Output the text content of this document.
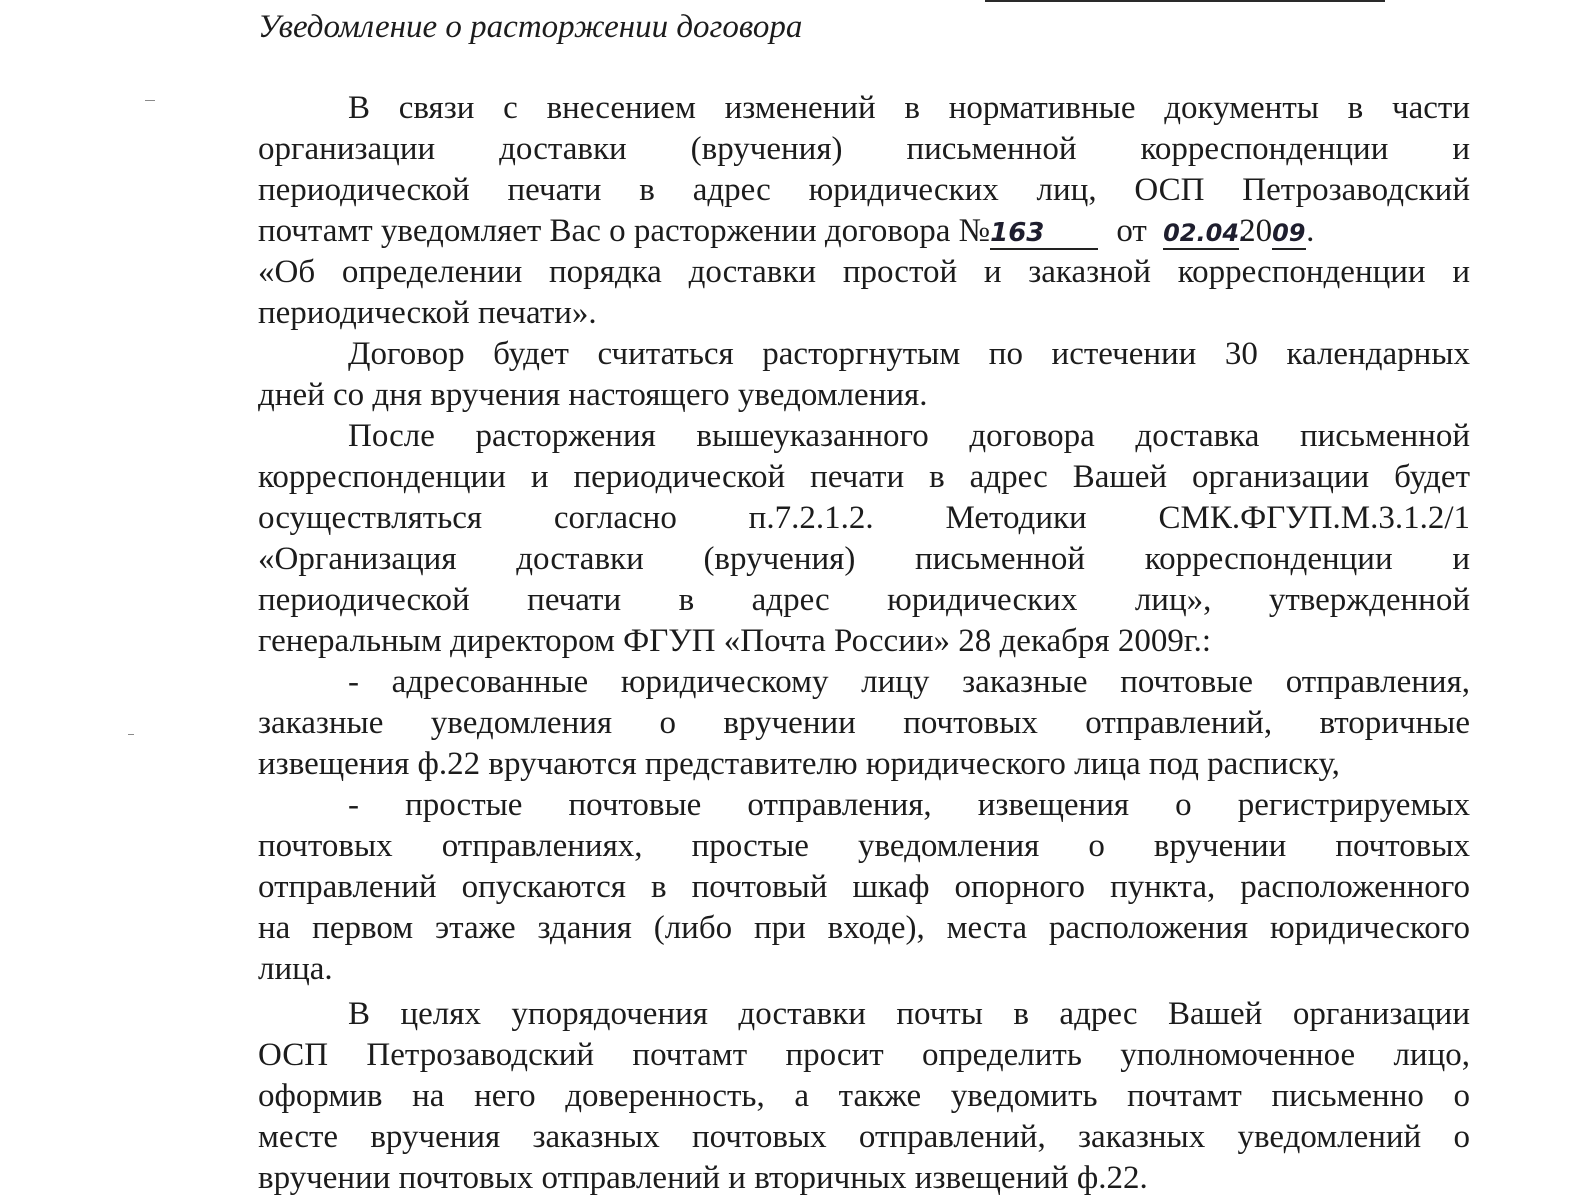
Уведомление о расторжении договора
В связи с внесением изменений в нормативные документы в части
организации доставки (вручения) письменной корреспонденции и
периодической печати в адрес юридических лиц, ОСП Петрозаводский
почтамт уведомляет Вас о расторжении договора №163 от 02.04.2009.
«Об определении порядка доставки простой и заказной корреспонденции и
периодической печати».
Договор будет считаться расторгнутым по истечении 30 календарных
дней со дня вручения настоящего уведомления.
После расторжения вышеуказанного договора доставка письменной
корреспонденции и периодической печати в адрес Вашей организации будет
осуществляться согласно п.7.2.1.2. Методики СМК.ФГУП.М.3.1.2/1
«Организация доставки (вручения) письменной корреспонденции и
периодической печати в адрес юридических лиц», утвержденной
генеральным директором ФГУП «Почта России» 28 декабря 2009г.:
- адресованные юридическому лицу заказные почтовые отправления,
заказные уведомления о вручении почтовых отправлений, вторичные
извещения ф.22 вручаются представителю юридического лица под расписку,
- простые почтовые отправления, извещения о регистрируемых
почтовых отправлениях, простые уведомления о вручении почтовых
отправлений опускаются в почтовый шкаф опорного пункта, расположенного
на первом этаже здания (либо при входе), места расположения юридического
лица.
В целях упорядочения доставки почты в адрес Вашей организации
ОСП Петрозаводский почтамт просит определить уполномоченное лицо,
оформив на него доверенность, а также уведомить почтамт письменно о
месте вручения заказных почтовых отправлений, заказных уведомлений о
вручении почтовых отправлений и вторичных извещений ф.22.
